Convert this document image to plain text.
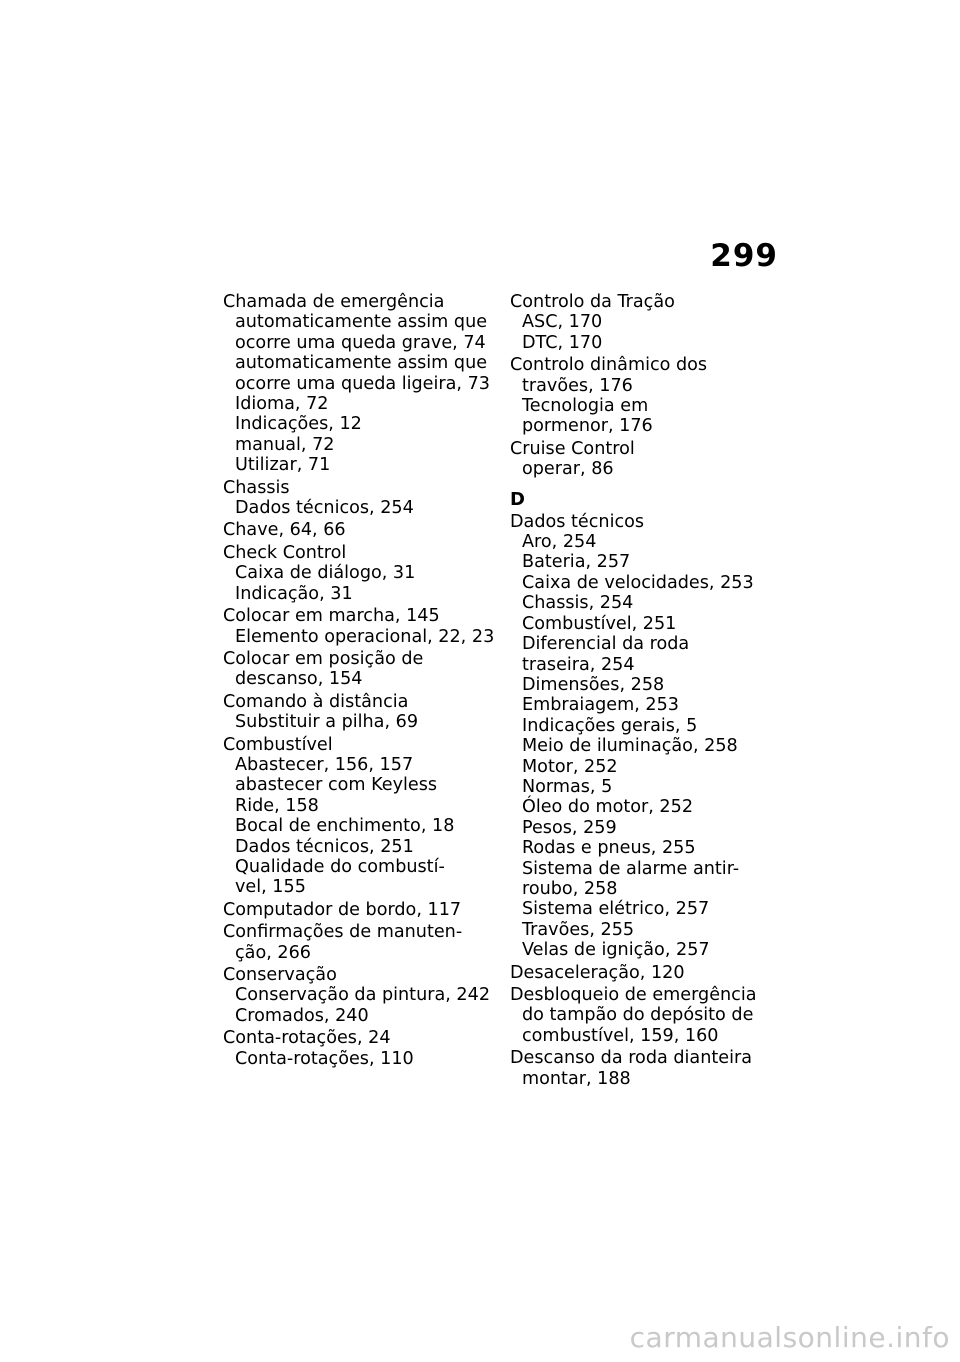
299
Chamada de emergência
automaticamente assim que
ocorre uma queda grave, 74
automaticamente assim que
ocorre uma queda ligeira, 73
Idioma, 72
Indicações, 12
manual, 72
Utilizar, 71
Chassis
Dados técnicos, 254
Chave, 64, 66
Check Control
Caixa de diálogo, 31
Indicação, 31
Colocar em marcha, 145
Elemento operacional, 22, 23
Colocar em posição de
descanso, 154
Comando à distância
Substituir a pilha, 69
Combustível
Abastecer, 156, 157
abastecer com Keyless
Ride, 158
Bocal de enchimento, 18
Dados técnicos, 251
Qualidade do combustí-
vel, 155
Computador de bordo, 117
Confirmações de manuten-
ção, 266
Conservação
Conservação da pintura, 242
Cromados, 240
Conta-rotações, 24
Conta-rotações, 110
Controlo da Tração
ASC, 170
DTC, 170
Controlo dinâmico dos
travões, 176
Tecnologia em
pormenor, 176
Cruise Control
operar, 86
D
Dados técnicos
Aro, 254
Bateria, 257
Caixa de velocidades, 253
Chassis, 254
Combustível, 251
Diferencial da roda
traseira, 254
Dimensões, 258
Embraiagem, 253
Indicações gerais, 5
Meio de iluminação, 258
Motor, 252
Normas, 5
Óleo do motor, 252
Pesos, 259
Rodas e pneus, 255
Sistema de alarme antir-
roubo, 258
Sistema elétrico, 257
Travões, 255
Velas de ignição, 257
Desaceleração, 120
Desbloqueio de emergência
do tampão do depósito de
combustível, 159, 160
Descanso da roda dianteira
montar, 188
carmanualsonline.info
